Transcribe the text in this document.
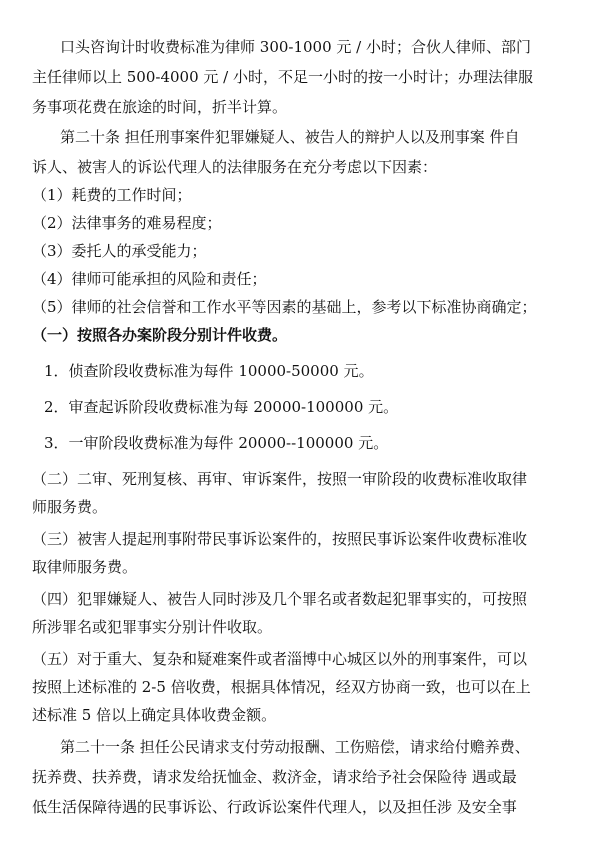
口头咨询计时收费标准为律师 300-1000 元 / 小时；合伙人律师、部门
主任律师以上 500-4000 元 / 小时，不足一小时的按一小时计；办理法律服
务事项花费在旅途的时间，折半计算。
第二十条 担任刑事案件犯罪嫌疑人、被告人的辩护人以及刑事案 件自
诉人、被害人的诉讼代理人的法律服务在充分考虑以下因素：
（1）耗费的工作时间；
（2）法律事务的难易程度；
（3）委托人的承受能力；
（4）律师可能承担的风险和责任；
（5）律师的社会信誉和工作水平等因素的基础上，参考以下标准协商确定；
（一）按照各办案阶段分别计件收费。
1．侦查阶段收费标准为每件 10000-50000 元。
2．审查起诉阶段收费标准为每 20000-100000 元。
3．一审阶段收费标准为每件 20000--100000 元。
（二）二审、死刑复核、再审、审诉案件，按照一审阶段的收费标准收取律
师服务费。
（三）被害人提起刑事附带民事诉讼案件的，按照民事诉讼案件收费标准收
取律师服务费。
（四）犯罪嫌疑人、被告人同时涉及几个罪名或者数起犯罪事实的，可按照
所涉罪名或犯罪事实分别计件收取。
（五）对于重大、复杂和疑难案件或者淄博中心城区以外的刑事案件，可以
按照上述标准的 2-5 倍收费，根据具体情况，经双方协商一致，也可以在上
述标准 5 倍以上确定具体收费金额。
第二十一条 担任公民请求支付劳动报酬、工伤赔偿，请求给付赡养费、
抚养费、扶养费，请求发给抚恤金、救济金，请求给予社会保险待 遇或最
低生活保障待遇的民事诉讼、行政诉讼案件代理人，以及担任涉 及安全事
